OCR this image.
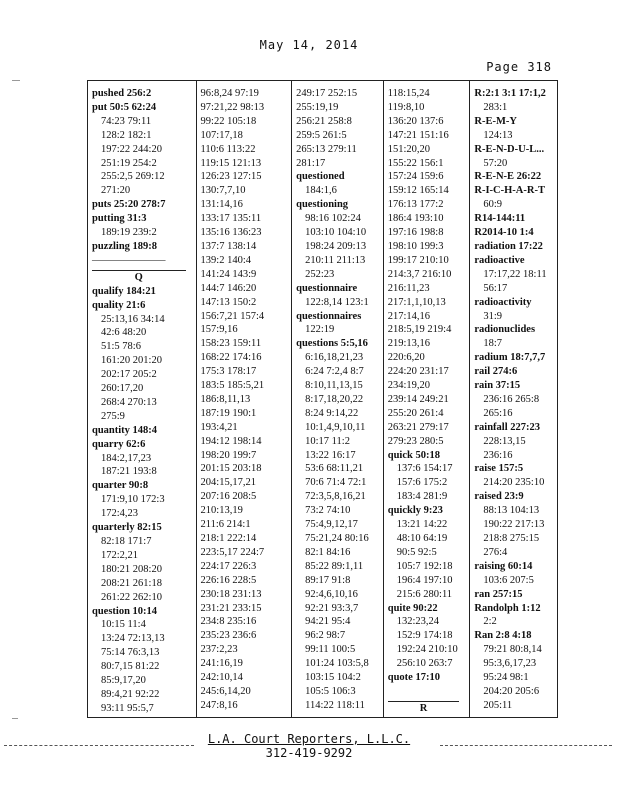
May 14, 2014
Page 318
pushed 256:2
put 50:5 62:24
74:23 79:11
128:2 182:1
197:22 244:20
251:19 254:2
255:2,5 269:12
271:20
puts 25:20 278:7
putting 31:3
189:19 239:2
puzzling 189:8
———————
Q
qualify 184:21
quality 21:6
25:13,16 34:14
42:6 48:20
51:5 78:6
161:20 201:20
202:17 205:2
260:17,20
268:4 270:13
275:9
quantity 148:4
quarry 62:6
184:2,17,23
187:21 193:8
quarter 90:8
171:9,10 172:3
172:4,23
quarterly 82:15
82:18 171:7
172:2,21
180:21 208:20
208:21 261:18
261:22 262:10
question 10:14
10:15 11:4
13:24 72:13,13
75:14 76:3,13
80:7,15 81:22
85:9,17,20
89:4,21 92:22
93:11 95:5,7
96:8,24 97:19
97:21,22 98:13
99:22 105:18
107:17,18
110:6 113:22
119:15 121:13
126:23 127:15
130:7,7,10
131:14,16
133:17 135:11
135:16 136:23
137:7 138:14
139:2 140:4
141:24 143:9
144:7 146:20
147:13 150:2
156:7,21 157:4
157:9,16
158:23 159:11
168:22 174:16
175:3 178:17
183:5 185:5,21
186:8,11,13
187:19 190:1
193:4,21
194:12 198:14
198:20 199:7
201:15 203:18
204:15,17,21
207:16 208:5
210:13,19
211:6 214:1
218:1 222:14
223:5,17 224:7
224:17 226:3
226:16 228:5
230:18 231:13
231:21 233:15
234:8 235:16
235:23 236:6
237:2,23
241:16,19
242:10,14
245:6,14,20
247:8,16
249:17 252:15
255:19,19
256:21 258:8
259:5 261:5
265:13 279:11
281:17
questioned
184:1,6
questioning
98:16 102:24
103:10 104:10
198:24 209:13
210:11 211:13
252:23
questionnaire
122:8,14 123:1
questionnaires
122:19
questions 5:5,16
6:16,18,21,23
6:24 7:2,4 8:7
8:10,11,13,15
8:17,18,20,22
8:24 9:14,22
10:1,4,9,10,11
10:17 11:2
13:22 16:17
53:6 68:11,21
70:6 71:4 72:1
72:3,5,8,16,21
73:2 74:10
75:4,9,12,17
75:21,24 80:16
82:1 84:16
85:22 89:1,11
89:17 91:8
92:4,6,10,16
92:21 93:3,7
94:21 95:4
96:2 98:7
99:11 100:5
101:24 103:5,8
103:15 104:2
105:5 106:3
114:22 118:11
118:15,24
119:8,10
136:20 137:6
147:21 151:16
151:20,20
155:22 156:1
157:24 159:6
159:12 165:14
176:13 177:2
186:4 193:10
197:16 198:8
198:10 199:3
199:17 210:10
214:3,7 216:10
216:11,23
217:1,1,10,13
217:14,16
218:5,19 219:4
219:13,16
220:6,20
224:20 231:17
234:19,20
239:14 249:21
255:20 261:4
263:21 279:17
279:23 280:5
quick 50:18
137:6 154:17
157:6 175:2
183:4 281:9
quickly 9:23
13:21 14:22
48:10 64:19
90:5 92:5
105:7 192:18
196:4 197:10
215:6 280:11
quite 90:22
132:23,24
152:9 174:18
192:24 210:10
256:10 263:7
quote 17:10

R
R:2:1 3:1 17:1,2
283:1
R-E-M-Y
124:13
R-E-N-D-U-L...
57:20
R-E-N-E 26:22
R-I-C-H-A-R-T
60:9
R14-144:11
R2014-10 1:4
radiation 17:22
radioactive
17:17,22 18:11
56:17
radioactivity
31:9
radionuclides
18:7
radium 18:7,7,7
rail 274:6
rain 37:15
236:16 265:8
265:16
rainfall 227:23
228:13,15
236:16
raise 157:5
214:20 235:10
raised 23:9
88:13 104:13
190:22 217:13
218:8 275:15
276:4
raising 60:14
103:6 207:5
ran 257:15
Randolph 1:12
2:2
Ran 2:8 4:18
79:21 80:8,14
95:3,6,17,23
95:24 98:1
204:20 205:6
205:11
L.A. Court Reporters, L.L.C.
312-419-9292
